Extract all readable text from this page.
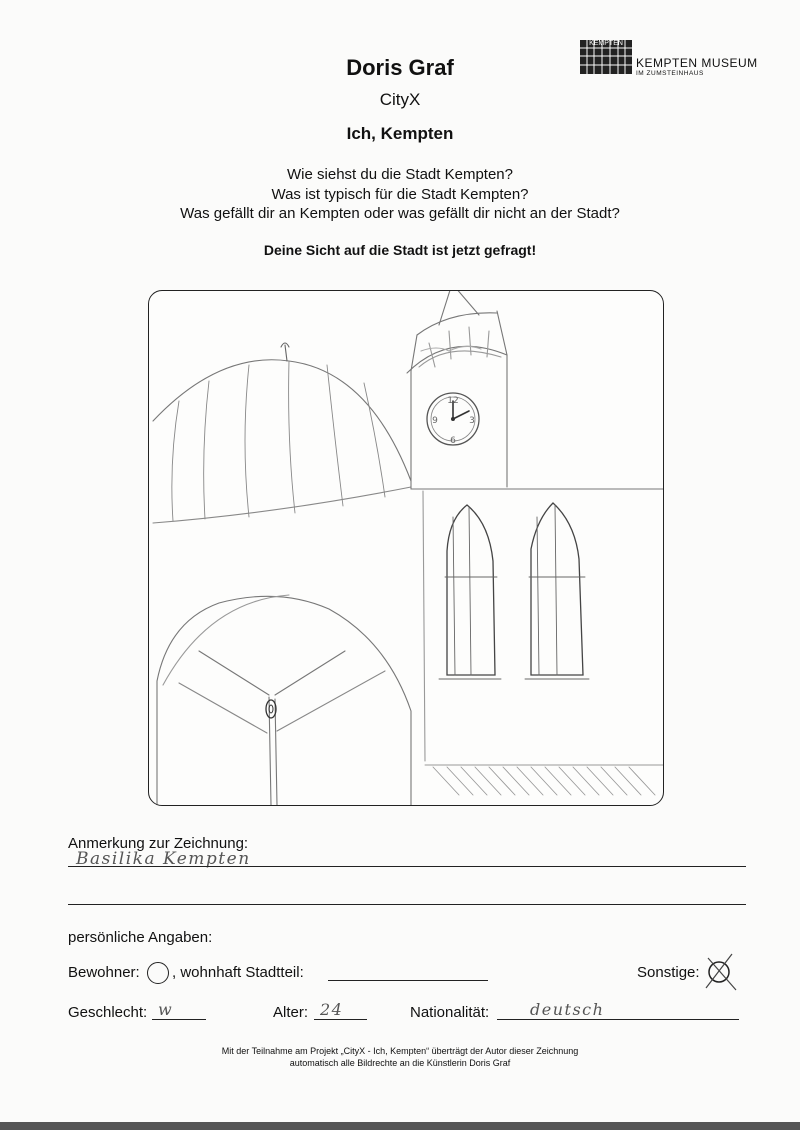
Doris Graf
CityX
Ich, Kempten
Wie siehst du die Stadt Kempten?
Was ist typisch für die Stadt Kempten?
Was gefällt dir an Kempten oder was gefällt dir nicht an der Stadt?
Deine Sicht auf die Stadt ist jetzt gefragt!
KEMPTEN
KEMPTEN MUSEUM
IM ZUMSTEINHAUS
12
3
6
9
Anmerkung zur Zeichnung:
Basilika Kempten
persönliche Angaben:
Bewohner: , wohnhaft Stadtteil:	Sonstige:
Geschlecht: w	Alter: 24	Nationalität:	deutsch
Mit der Teilnahme am Projekt „CityX - Ich, Kempten“ überträgt der Autor dieser Zeichnung
automatisch alle Bildrechte an die Künstlerin Doris Graf
